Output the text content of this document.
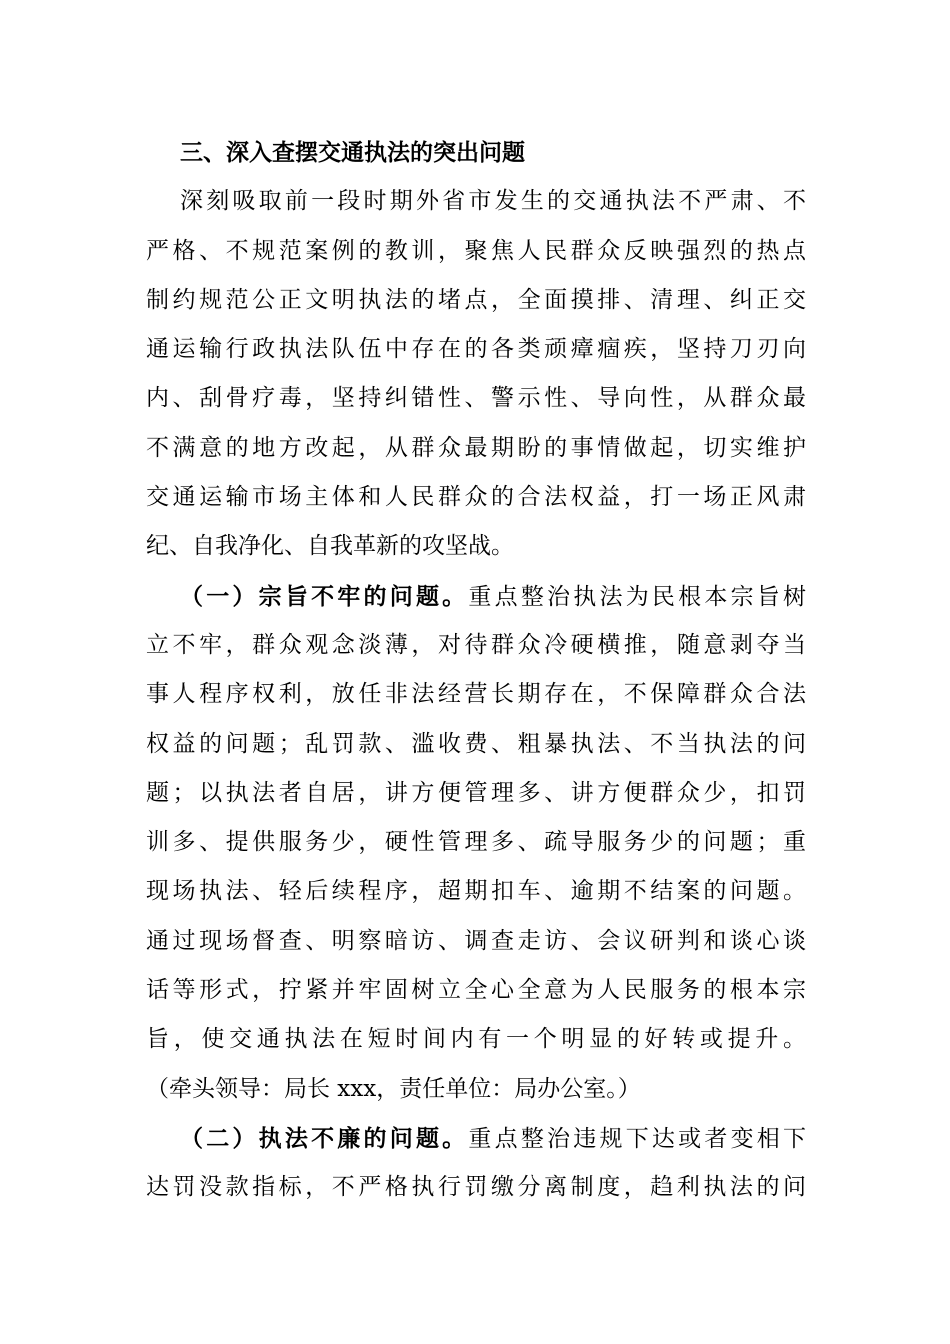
三、深入查摆交通执法的突出问题
深刻吸取前一段时期外省市发生的交通执法不严肃、不
严格、不规范案例的教训，聚焦人民群众反映强烈的热点
制约规范公正文明执法的堵点，全面摸排、清理、纠正交
通运输行政执法队伍中存在的各类顽瘴痼疾，坚持刀刃向
内、刮骨疗毒，坚持纠错性、警示性、导向性，从群众最
不满意的地方改起，从群众最期盼的事情做起，切实维护
交通运输市场主体和人民群众的合法权益，打一场正风肃
纪、自我净化、自我革新的攻坚战。
（一）宗旨不牢的问题。重点整治执法为民根本宗旨树
立不牢，群众观念淡薄，对待群众冷硬横推，随意剥夺当
事人程序权利，放任非法经营长期存在，不保障群众合法
权益的问题；乱罚款、滥收费、粗暴执法、不当执法的问
题；以执法者自居，讲方便管理多、讲方便群众少，扣罚
训多、提供服务少，硬性管理多、疏导服务少的问题；重
现场执法、轻后续程序，超期扣车、逾期不结案的问题。
通过现场督查、明察暗访、调查走访、会议研判和谈心谈
话等形式，拧紧并牢固树立全心全意为人民服务的根本宗
旨，使交通执法在短时间内有一个明显的好转或提升。
（牵头领导：局长 xxx，责任单位：局办公室。）
（二）执法不廉的问题。重点整治违规下达或者变相下
达罚没款指标，不严格执行罚缴分离制度，趋利执法的问
